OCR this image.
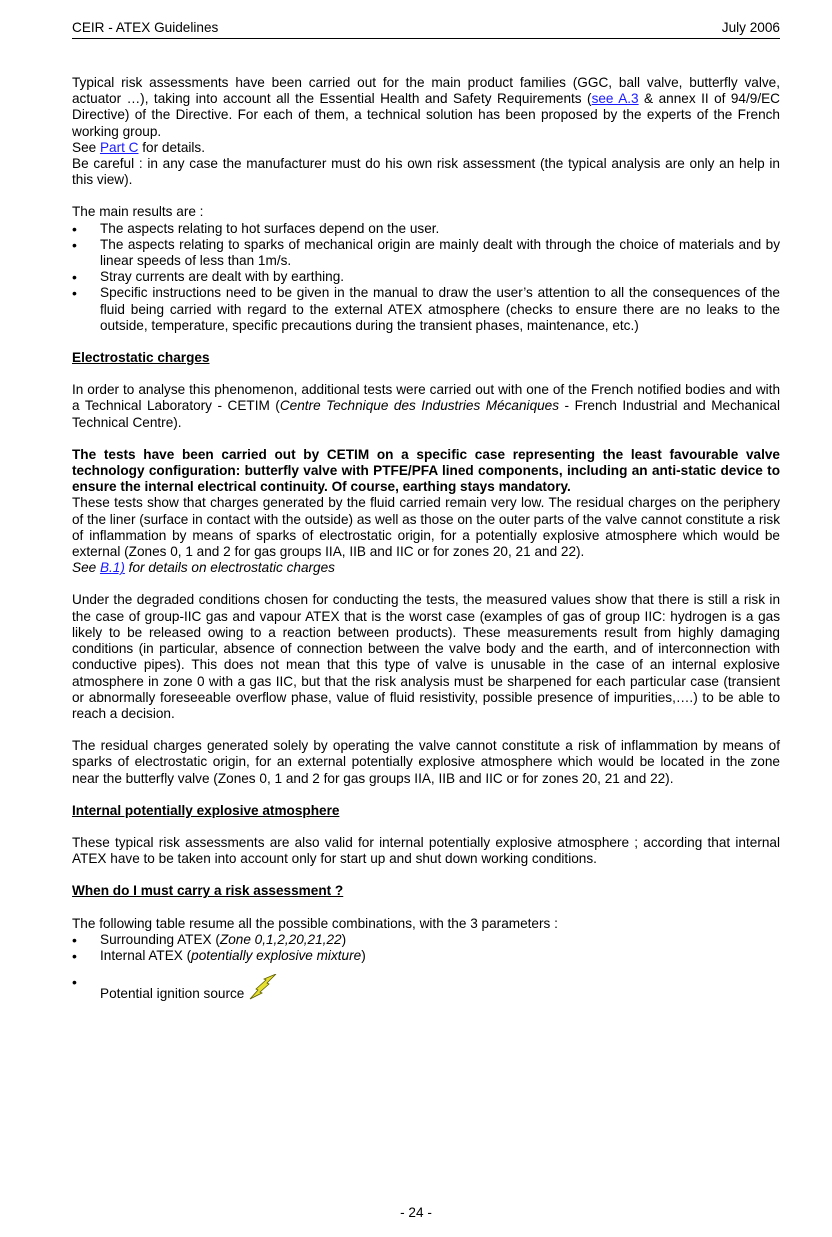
CEIR - ATEX Guidelines	July 2006

Typical risk assessments have been carried out for the main product families (GGC, ball valve, butterfly valve, actuator …), taking into account all the Essential Health and Safety Requirements (see A.3 & annex II of 94/9/EC Directive) of the Directive. For each of them, a technical solution has been proposed by the experts of the French working group.

See Part C for details.

Be careful : in any case the manufacturer must do his own risk assessment (the typical analysis are only an help in this view).

The main results are :

• The aspects relating to hot surfaces depend on the user.
• The aspects relating to sparks of mechanical origin are mainly dealt with through the choice of materials and by linear speeds of less than 1m/s.
• Stray currents are dealt with by earthing.
• Specific instructions need to be given in the manual to draw the user’s attention to all the consequences of the fluid being carried with regard to the external ATEX atmosphere (checks to ensure there are no leaks to the outside, temperature, specific precautions during the transient phases, maintenance, etc.)

Electrostatic charges

In order to analyse this phenomenon, additional tests were carried out with one of the French notified bodies and with a Technical Laboratory - CETIM (Centre Technique des Industries Mécaniques - French Industrial and Mechanical Technical Centre).

The tests have been carried out by CETIM on a specific case representing the least favourable valve technology configuration: butterfly valve with PTFE/PFA lined components, including an anti-static device to ensure the internal electrical continuity. Of course, earthing stays mandatory.

These tests show that charges generated by the fluid carried remain very low. The residual charges on the periphery of the liner (surface in contact with the outside) as well as those on the outer parts of the valve cannot constitute a risk of inflammation by means of sparks of electrostatic origin, for a potentially explosive atmosphere which would be external (Zones 0, 1 and 2 for gas groups IIA, IIB and IIC or for zones 20, 21 and 22).

See B.1) for details on electrostatic charges

Under the degraded conditions chosen for conducting the tests, the measured values show that there is still a risk in the case of group-IIC gas and vapour ATEX that is the worst case (examples of gas of group IIC: hydrogen is a gas likely to be released owing to a reaction between products). These measurements result from highly damaging conditions (in particular, absence of connection between the valve body and the earth, and of interconnection with conductive pipes). This does not mean that this type of valve is unusable in the case of an internal explosive atmosphere in zone 0 with a gas IIC, but that the risk analysis must be sharpened for each particular case (transient or abnormally foreseeable overflow phase, value of fluid resistivity, possible presence of impurities,….) to be able to reach a decision.

The residual charges generated solely by operating the valve cannot constitute a risk of inflammation by means of sparks of electrostatic origin, for an external potentially explosive atmosphere which would be located in the zone near the butterfly valve (Zones 0, 1 and 2 for gas groups IIA, IIB and IIC or for zones 20, 21 and 22).

Internal potentially explosive atmosphere

These typical risk assessments are also valid for internal potentially explosive atmosphere ; according that internal ATEX have to be taken into account only for start up and shut down working conditions.

When do I must carry a risk assessment ?

The following table resume all the possible combinations, with the 3 parameters :

• Surrounding ATEX (Zone 0,1,2,20,21,22)
• Internal ATEX (potentially explosive mixture)
• Potential ignition source
- 24 -
